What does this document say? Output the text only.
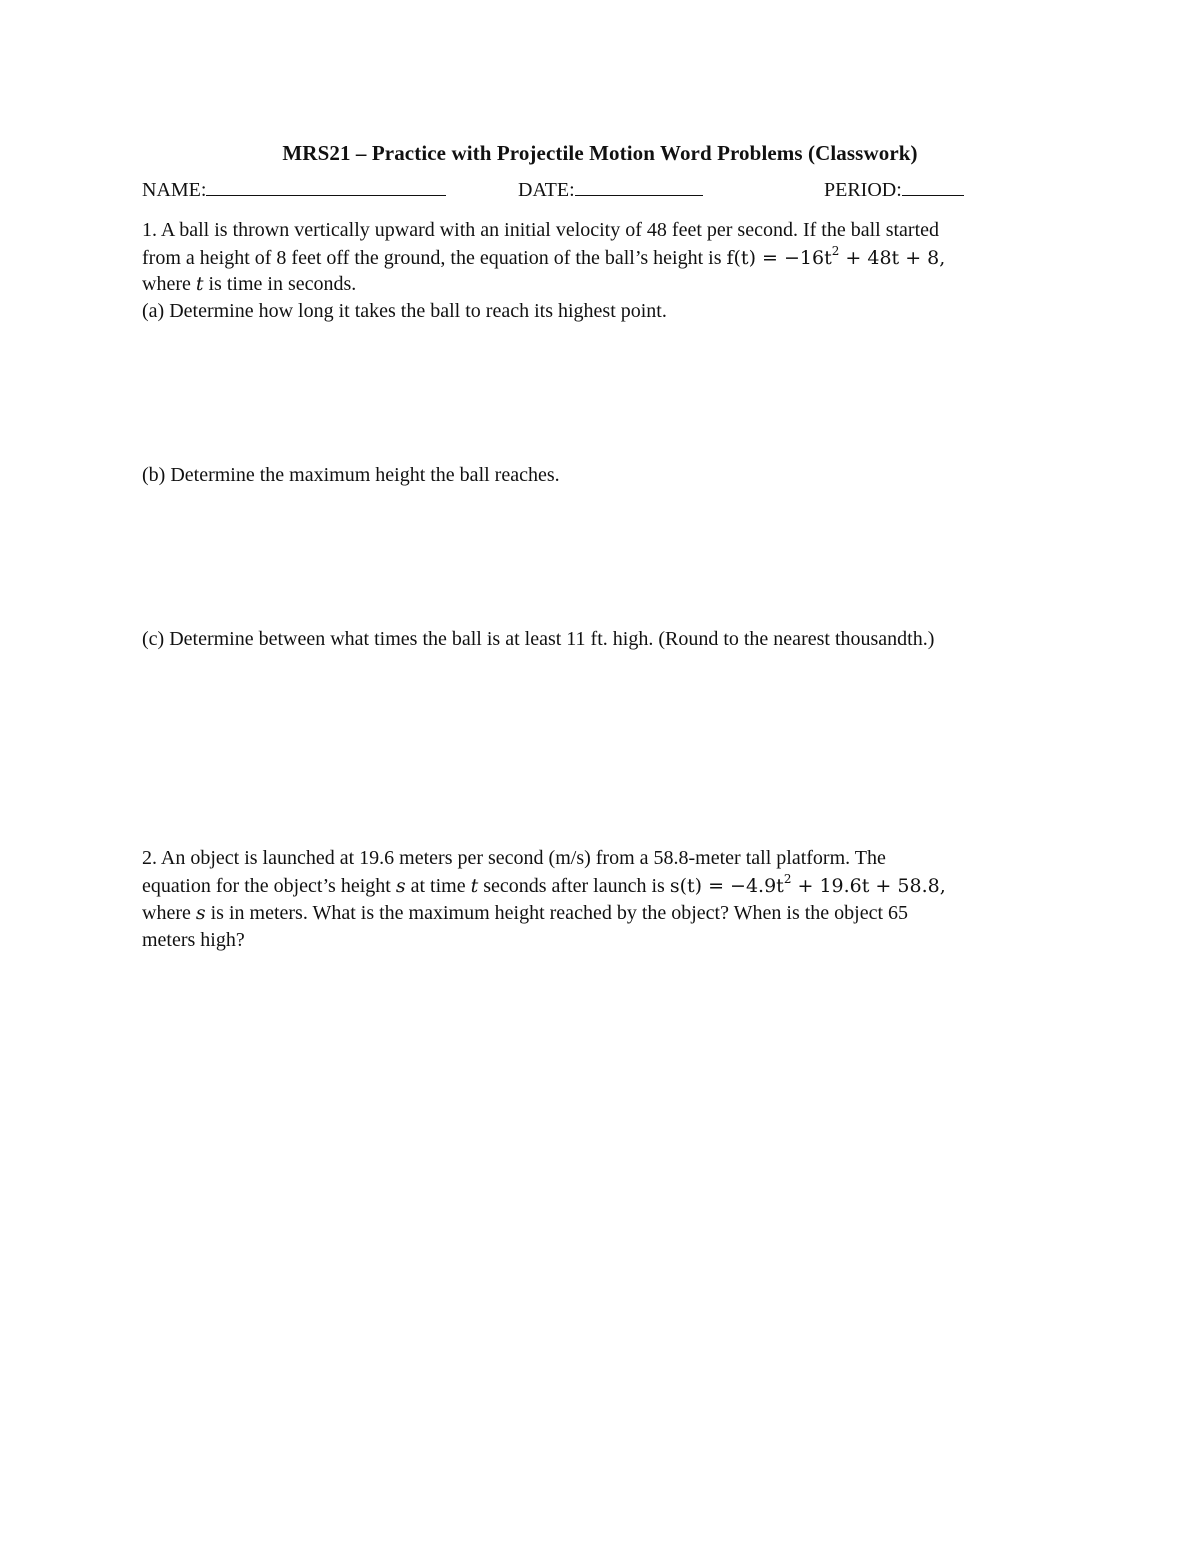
MRS21 – Practice with Projectile Motion Word Problems (Classwork)
NAME:	DATE:	PERIOD:
1. A ball is thrown vertically upward with an initial velocity of 48 feet per second. If the ball started
from a height of 8 feet off the ground, the equation of the ball’s height is $f(t) = -16t^2 + 48t + 8$,
where t is time in seconds.
(a) Determine how long it takes the ball to reach its highest point.
(b) Determine the maximum height the ball reaches.
(c) Determine between what times the ball is at least 11 ft. high. (Round to the nearest thousandth.)
2. An object is launched at 19.6 meters per second (m/s) from a 58.8-meter tall platform. The
equation for the object’s height s at time t seconds after launch is $s(t) = -4.9t^2 + 19.6t + 58.8$,
where s is in meters. What is the maximum height reached by the object? When is the object 65
meters high?
